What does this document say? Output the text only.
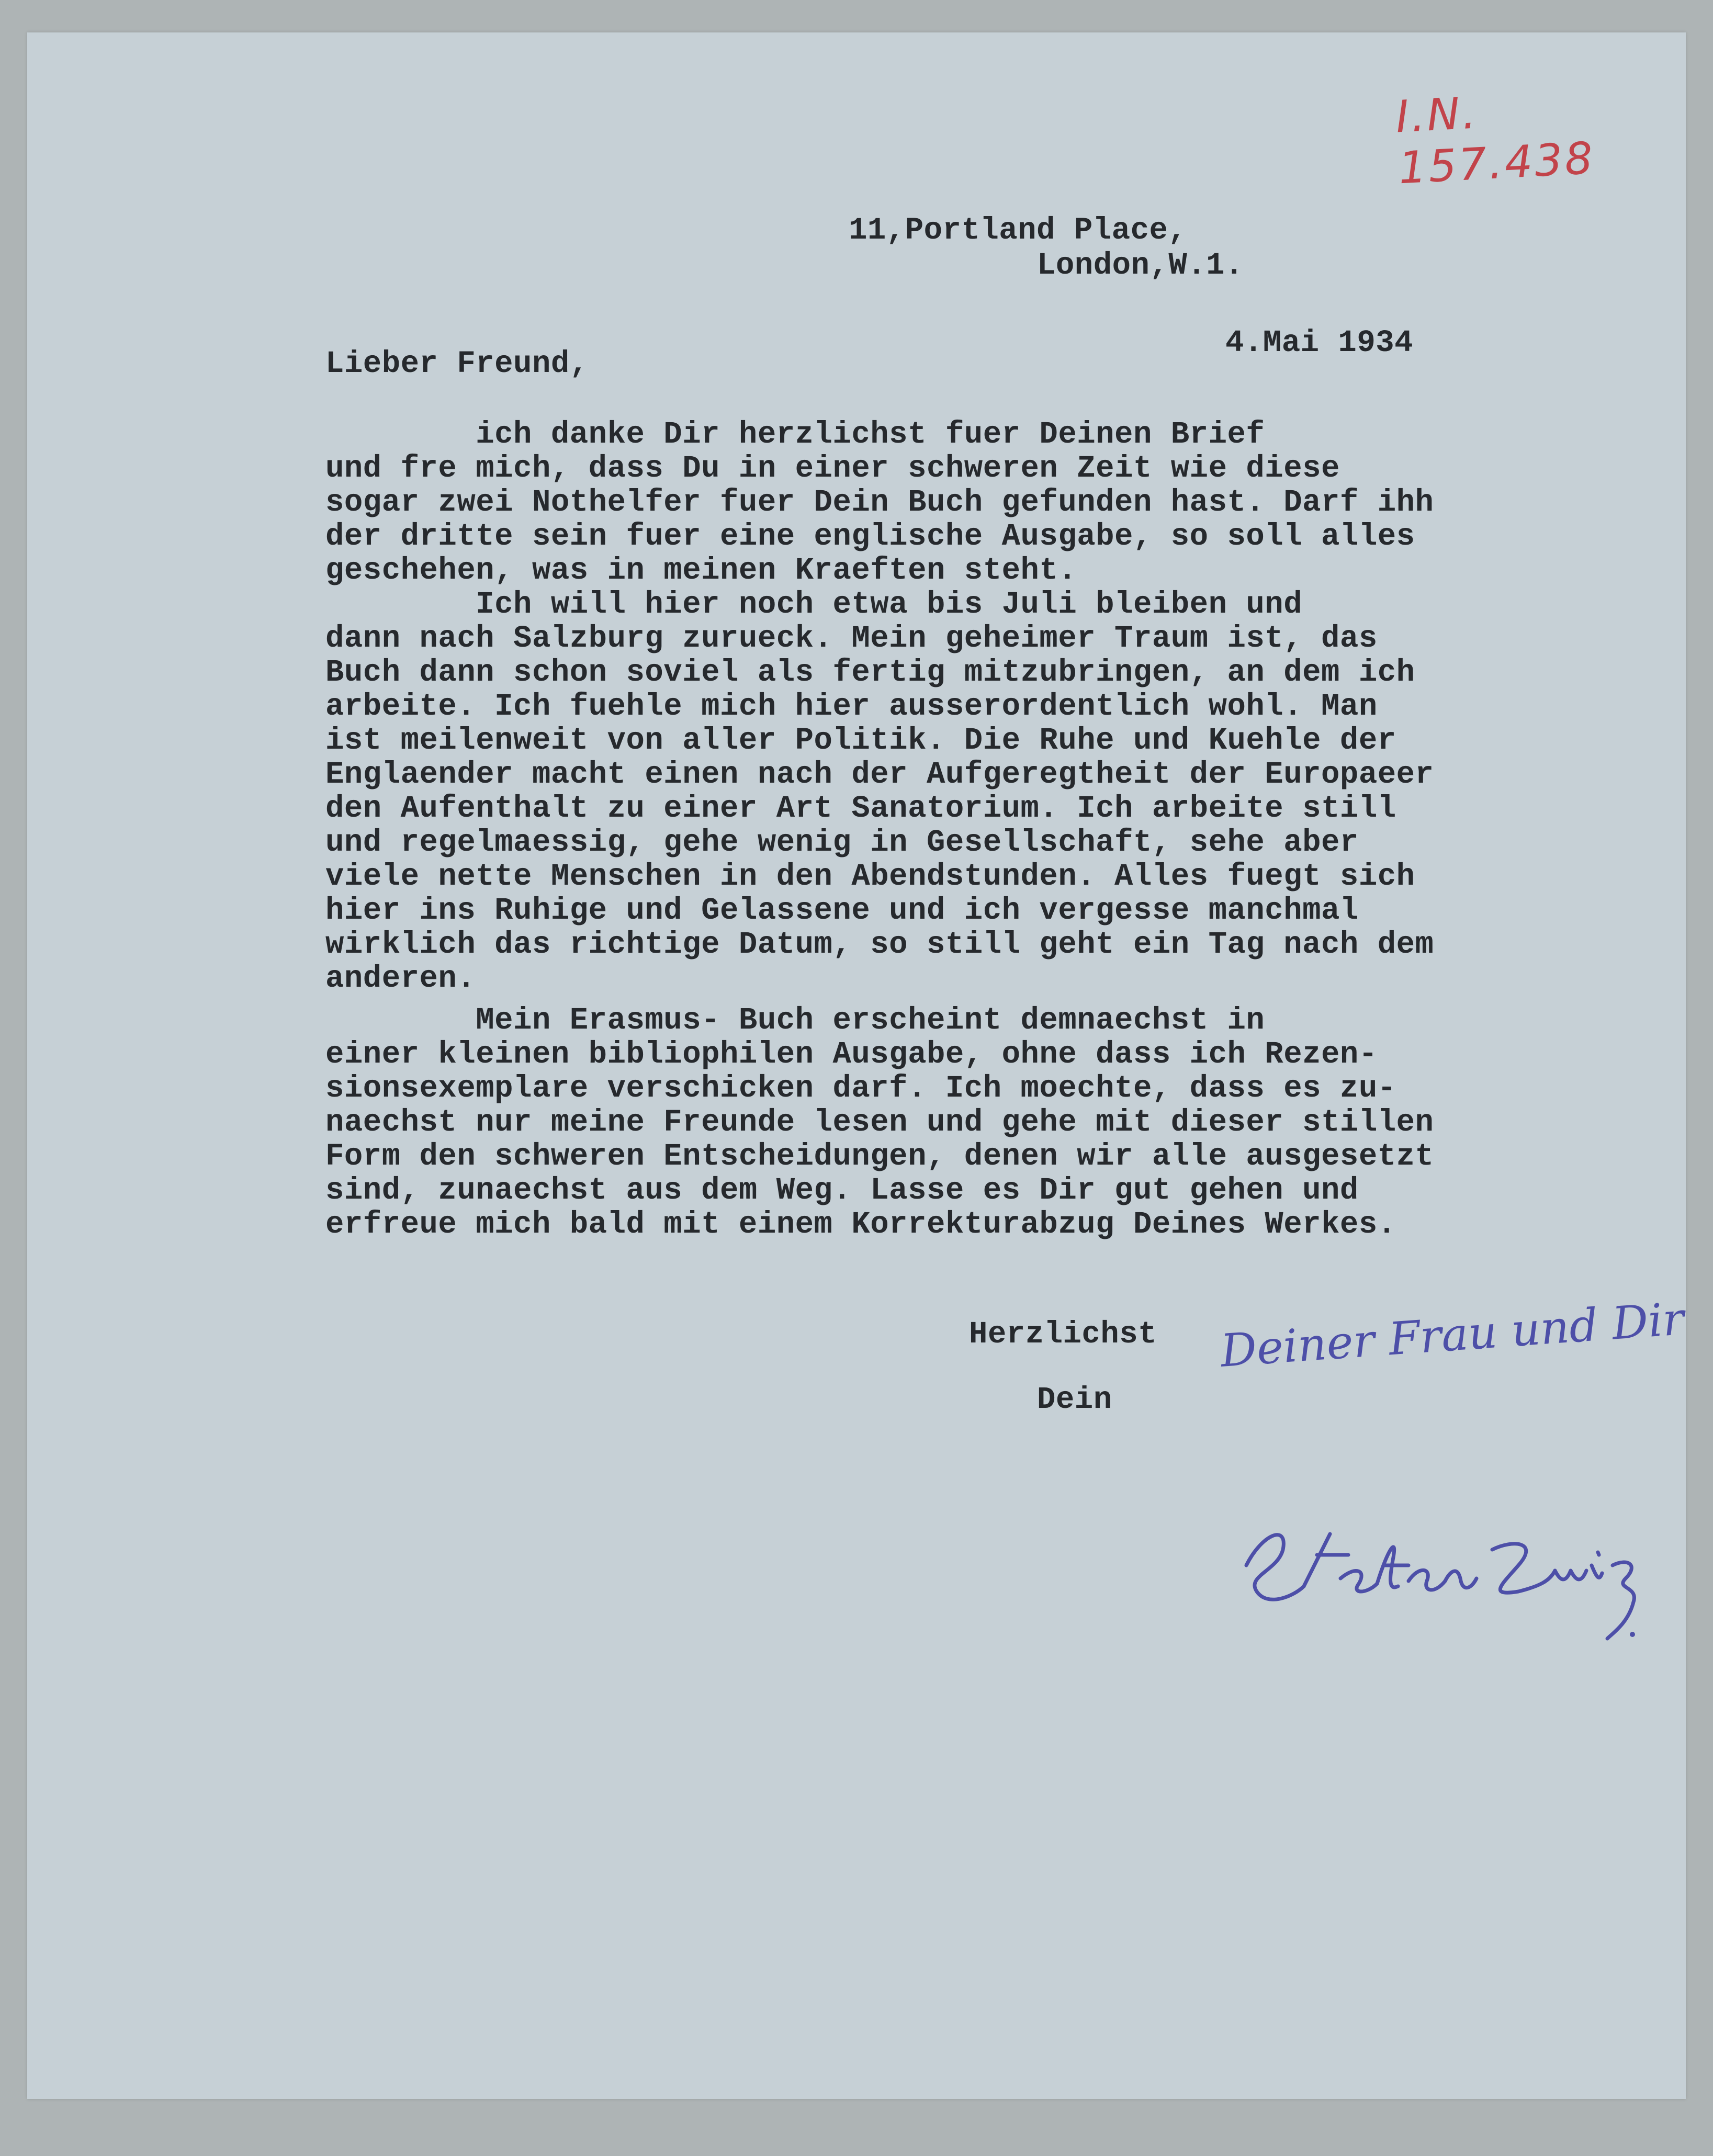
I.N. 157.438

11,Portland Place,

London,W.1.

4.Mai 1934

Lieber Freund,

ich danke Dir herzlichst fuer Deinen Brief

und fre mich, dass Du in einer schweren Zeit wie diese

sogar zwei Nothelfer fuer Dein Buch gefunden hast. Darf ihh

der dritte sein fuer eine englische Ausgabe, so soll alles

geschehen, was in meinen Kraeften steht.

Ich will hier noch etwa bis Juli bleiben und

dann nach Salzburg zurueck. Mein geheimer Traum ist, das

Buch dann schon soviel als fertig mitzubringen, an dem ich

arbeite. Ich fuehle mich hier ausserordentlich wohl. Man

ist meilenweit von aller Politik. Die Ruhe und Kuehle der

Englaender macht einen nach der Aufgeregtheit der Europaeer

den Aufenthalt zu einer Art Sanatorium. Ich arbeite still

und regelmaessig, gehe wenig in Gesellschaft, sehe aber

viele nette Menschen in den Abendstunden. Alles fuegt sich

hier ins Ruhige und Gelassene und ich vergesse manchmal

wirklich das richtige Datum, so still geht ein Tag nach dem

anderen.

Mein Erasmus- Buch erscheint demnaechst in

einer kleinen bibliophilen Ausgabe, ohne dass ich Rezen-

sionsexemplare verschicken darf. Ich moechte, dass es zu-

naechst nur meine Freunde lesen und gehe mit dieser stillen

Form den schweren Entscheidungen, denen wir alle ausgesetzt

sind, zunaechst aus dem Weg. Lasse es Dir gut gehen und

erfreue mich bald mit einem Korrekturabzug Deines Werkes.

Herzlichst Deiner Frau und Dir

Dein
